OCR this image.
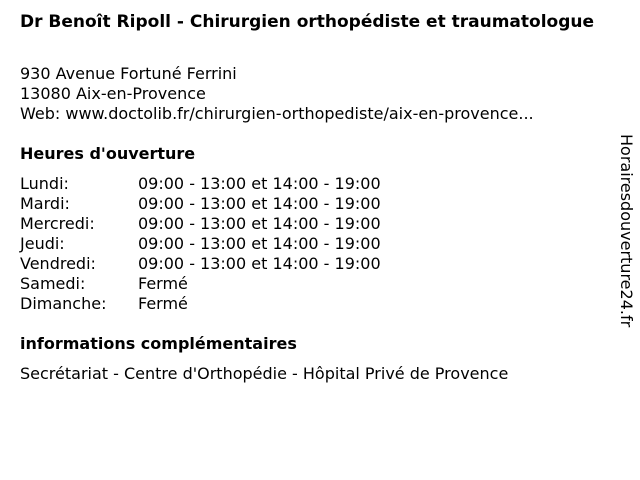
Dr Benoît Ripoll - Chirurgien orthopédiste et traumatologue
930 Avenue Fortuné Ferrini
13080 Aix-en-Provence
Web: www.doctolib.fr/chirurgien-orthopediste/aix-en-provence...
Heures d'ouverture
Lundi:	09:00 - 13:00 et 14:00 - 19:00
Mardi:	09:00 - 13:00 et 14:00 - 19:00
Mercredi:	09:00 - 13:00 et 14:00 - 19:00
Jeudi:	09:00 - 13:00 et 14:00 - 19:00
Vendredi:	09:00 - 13:00 et 14:00 - 19:00
Samedi:	Fermé
Dimanche:	Fermé
informations complémentaires
Secrétariat - Centre d'Orthopédie - Hôpital Privé de Provence
Horairesdouverture24.fr
